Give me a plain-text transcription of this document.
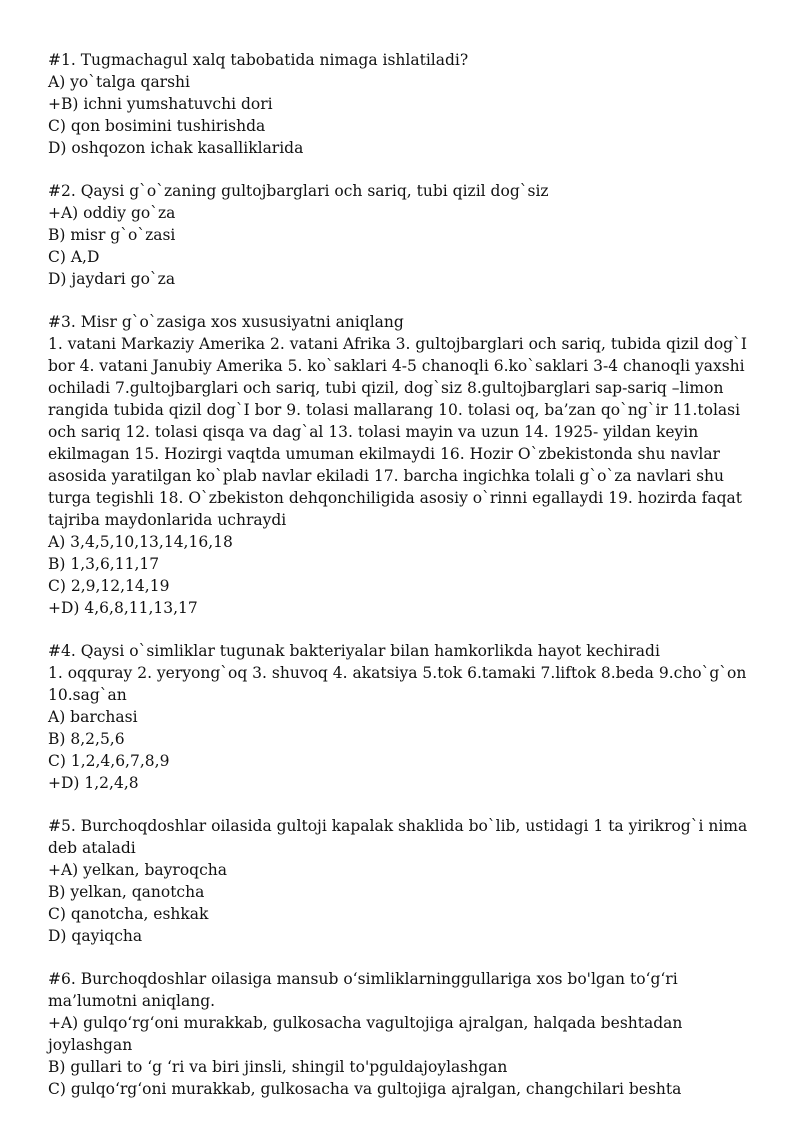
#1. Tugmachagul xalq tabobatida nimaga ishlatiladi?
A) yo`talga qarshi
+B) ichni yumshatuvchi dori
C) qon bosimini tushirishda
D) oshqozon ichak kasalliklarida
#2. Qaysi g`o`zaning gultojbarglari och sariq, tubi qizil dog`siz
+A) oddiy go`za
B) misr g`o`zasi
C) A,D
D) jaydari go`za
#3. Misr g`o`zasiga xos xususiyatni aniqlang
1. vatani Markaziy Amerika 2. vatani Afrika 3. gultojbarglari och sariq, tubida qizil dog`I bor 4. vatani Janubiy Amerika 5. ko`saklari 4-5 chanoqli 6.ko`saklari 3-4 chanoqli yaxshi ochiladi 7.gultojbarglari och sariq, tubi qizil, dog`siz 8.gultojbarglari sap-sariq –limon rangida tubida qizil dog`I bor 9. tolasi mallarang 10. tolasi oq, ba’zan qo`ng`ir 11.tolasi och sariq 12. tolasi qisqa va dag`al 13. tolasi mayin va uzun 14. 1925- yildan keyin ekilmagan 15. Hozirgi vaqtda umuman ekilmaydi 16. Hozir O`zbekistonda shu navlar asosida yaratilgan ko`plab navlar ekiladi 17. barcha ingichka tolali g`o`za navlari shu turga tegishli 18. O`zbekiston dehqonchiligida asosiy o`rinni egallaydi 19. hozirda faqat tajriba maydonlarida uchraydi
A) 3,4,5,10,13,14,16,18
B) 1,3,6,11,17
C) 2,9,12,14,19
+D) 4,6,8,11,13,17
#4. Qaysi o`simliklar tugunak bakteriyalar bilan hamkorlikda hayot kechiradi
1. oqquray 2. yeryong`oq 3. shuvoq 4. akatsiya 5.tok 6.tamaki 7.liftok 8.beda 9.cho`g`on 10.sag`an
A) barchasi
B) 8,2,5,6
C) 1,2,4,6,7,8,9
+D) 1,2,4,8
#5. Burchoqdoshlar oilasida gultoji kapalak shaklida bo`lib, ustidagi 1 ta yirikrog`i nima deb ataladi
+A) yelkan, bayroqcha
B) yelkan, qanotcha
C) qanotcha, eshkak
D) qayiqcha
#6. Burchoqdoshlar oilasiga mansub o‘simliklarninggullariga xos bo'lgan to‘g‘ri ma’lumotni aniqlang.
+A) gulqo‘rg‘oni murakkab, gulkosacha vagultojiga ajralgan, halqada beshtadan joylashgan
B) gullari to ‘g ‘ri va biri jinsli, shingil to'pguldajoylashgan
C) gulqo‘rg‘oni murakkab, gulkosacha va gultojiga ajralgan, changchilari beshta
